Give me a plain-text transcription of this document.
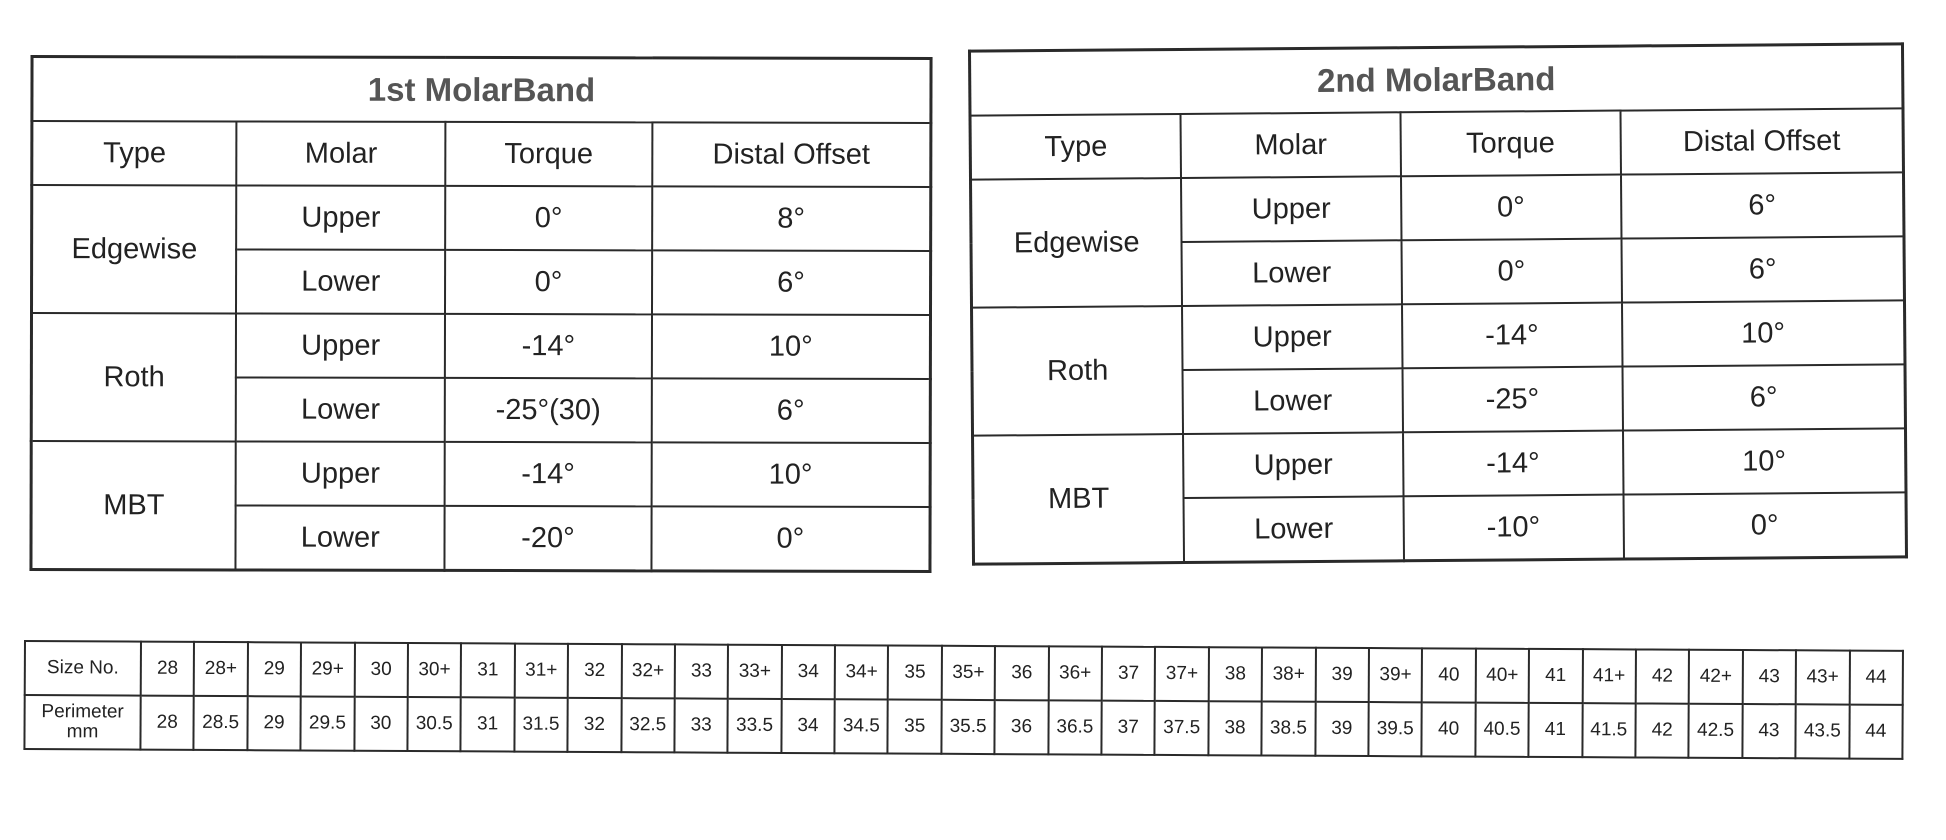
1st MolarBand			
Type	Molar	Torque	Distal Offset
Edgewise	Upper	0°	8°
	Lower	0°	6°
Roth	Upper	-14°	10°
	Lower	-25°(30)	6°
MBT	Upper	-14°	10°
	Lower	-20°	0°
2nd MolarBand			
Type	Molar	Torque	Distal Offset
Edgewise	Upper	0°	6°
	Lower	0°	6°
Roth	Upper	-14°	10°
	Lower	-25°	6°
MBT	Upper	-14°	10°
	Lower	-10°	0°
Size No.	28	28+	29	29+	30	30+	31	31+	32	32+	33	33+	34	34+	35	35+	36	36+	37	37+	38	38+	39	39+	40	40+	41	41+	42	42+	43	43+	44
Perimeter mm	28	28.5	29	29.5	30	30.5	31	31.5	32	32.5	33	33.5	34	34.5	35	35.5	36	36.5	37	37.5	38	38.5	39	39.5	40	40.5	41	41.5	42	42.5	43	43.5	44
